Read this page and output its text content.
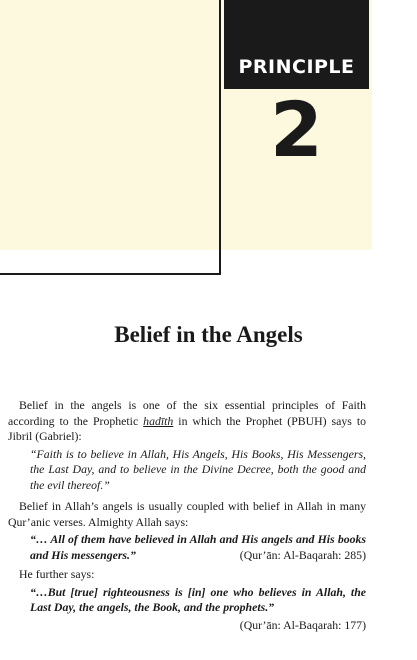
PRINCIPLE
2
Belief in the Angels

Belief in the angels is one of the six essential principles of Faith according to the Prophetic hadīth in which the Prophet (PBUH) says to Jibril (Gabriel):

“Faith is to believe in Allah, His Angels, His Books, His Messengers, the Last Day, and to believe in the Divine Decree, both the good and the evil thereof.”

Belief in Allah’s angels is usually coupled with belief in Allah in many Qur’anic verses. Almighty Allah says:

“… All of them have believed in Allah and His angels and His books and His messengers.”	(Qur’ān: Al-Baqarah: 285)

He further says:

“…But [true] righteousness is [in] one who believes in Allah, the Last Day, the angels, the Book, and the prophets.”

(Qur’ān: Al-Baqarah: 177)
